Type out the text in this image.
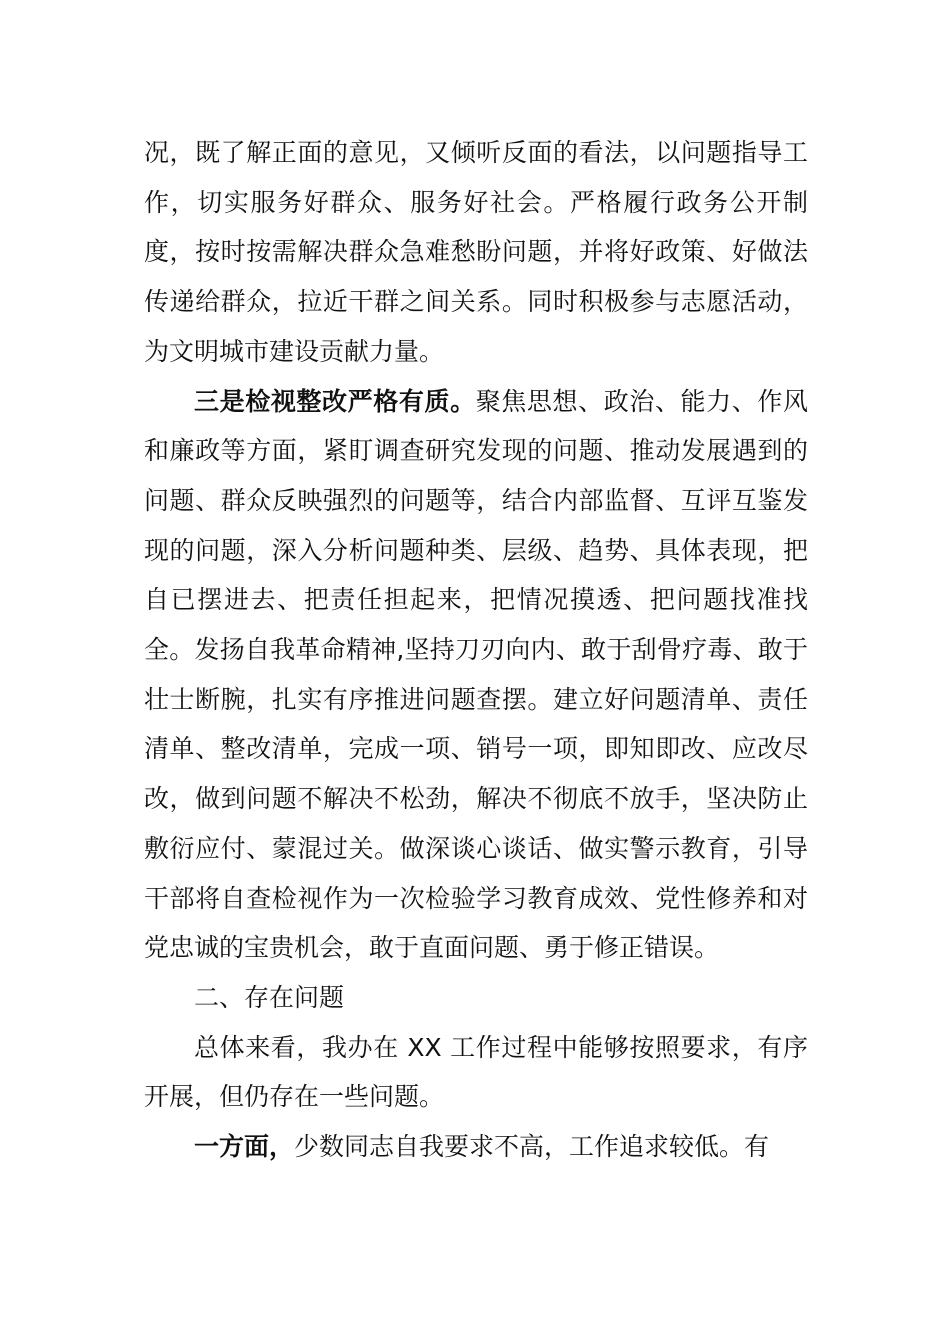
况，既了解正面的意见，又倾听反面的看法，以问题指导工作，切实服务好群众、服务好社会。严格履行政务公开制度，按时按需解决群众急难愁盼问题，并将好政策、好做法传递给群众，拉近干群之间关系。同时积极参与志愿活动，为文明城市建设贡献力量。

三是检视整改严格有质。聚焦思想、政治、能力、作风和廉政等方面，紧盯调查研究发现的问题、推动发展遇到的问题、群众反映强烈的问题等，结合内部监督、互评互鉴发现的问题，深入分析问题种类、层级、趋势、具体表现，把自已摆进去、把责任担起来，把情况摸透、把问题找准找全。发扬自我革命精神,坚持刀刃向内、敢于刮骨疗毒、敢于壮士断腕，扎实有序推进问题查摆。建立好问题清单、责任清单、整改清单，完成一项、销号一项，即知即改、应改尽改，做到问题不解决不松劲，解决不彻底不放手，坚决防止敷衍应付、蒙混过关。做深谈心谈话、做实警示教育，引导干部将自查检视作为一次检验学习教育成效、党性修养和对党忠诚的宝贵机会，敢于直面问题、勇于修正错误。

二、存在问题

总体来看，我办在 XX 工作过程中能够按照要求，有序开展，但仍存在一些问题。

一方面，少数同志自我要求不高，工作追求较低。有
